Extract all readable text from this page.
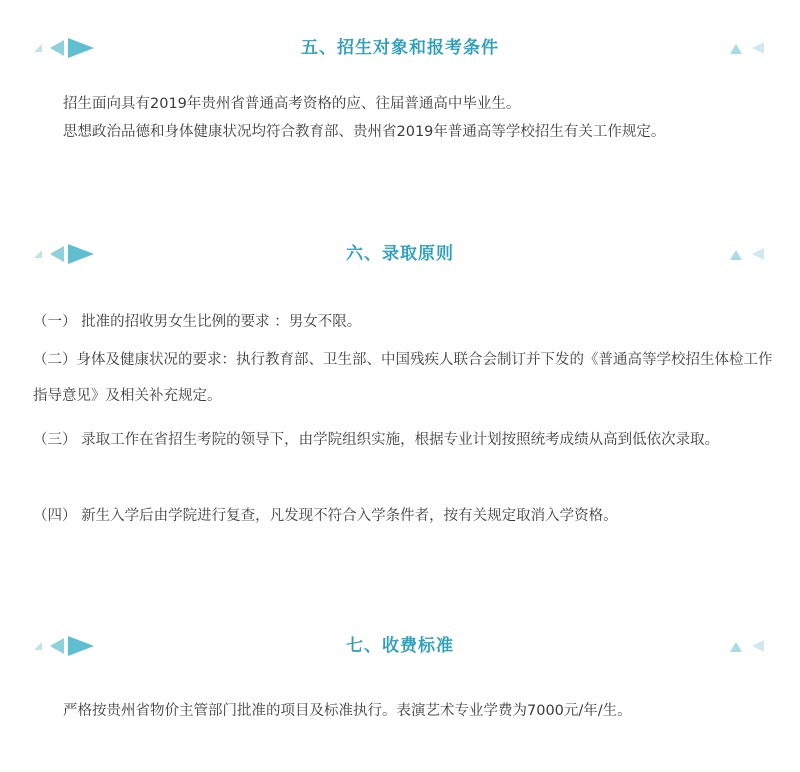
五、招生对象和报考条件

招生面向具有2019年贵州省普通高考资格的应、往届普通高中毕业生。

思想政治品德和身体健康状况均符合教育部、贵州省2019年普通高等学校招生有关工作规定。

六、录取原则

（一） 批准的招收男女生比例的要求 ：男女不限。

（二）身体及健康状况的要求：执行教育部、卫生部、中国残疾人联合会制订并下发的《普通高等学校招生体检工作指导意见》及相关补充规定。

（三） 录取工作在省招生考院的领导下，由学院组织实施，根据专业计划按照统考成绩从高到低依次录取。

（四） 新生入学后由学院进行复查，凡发现不符合入学条件者，按有关规定取消入学资格。

七、收费标准

严格按贵州省物价主管部门批准的项目及标准执行。表演艺术专业学费为7000元/年/生。
